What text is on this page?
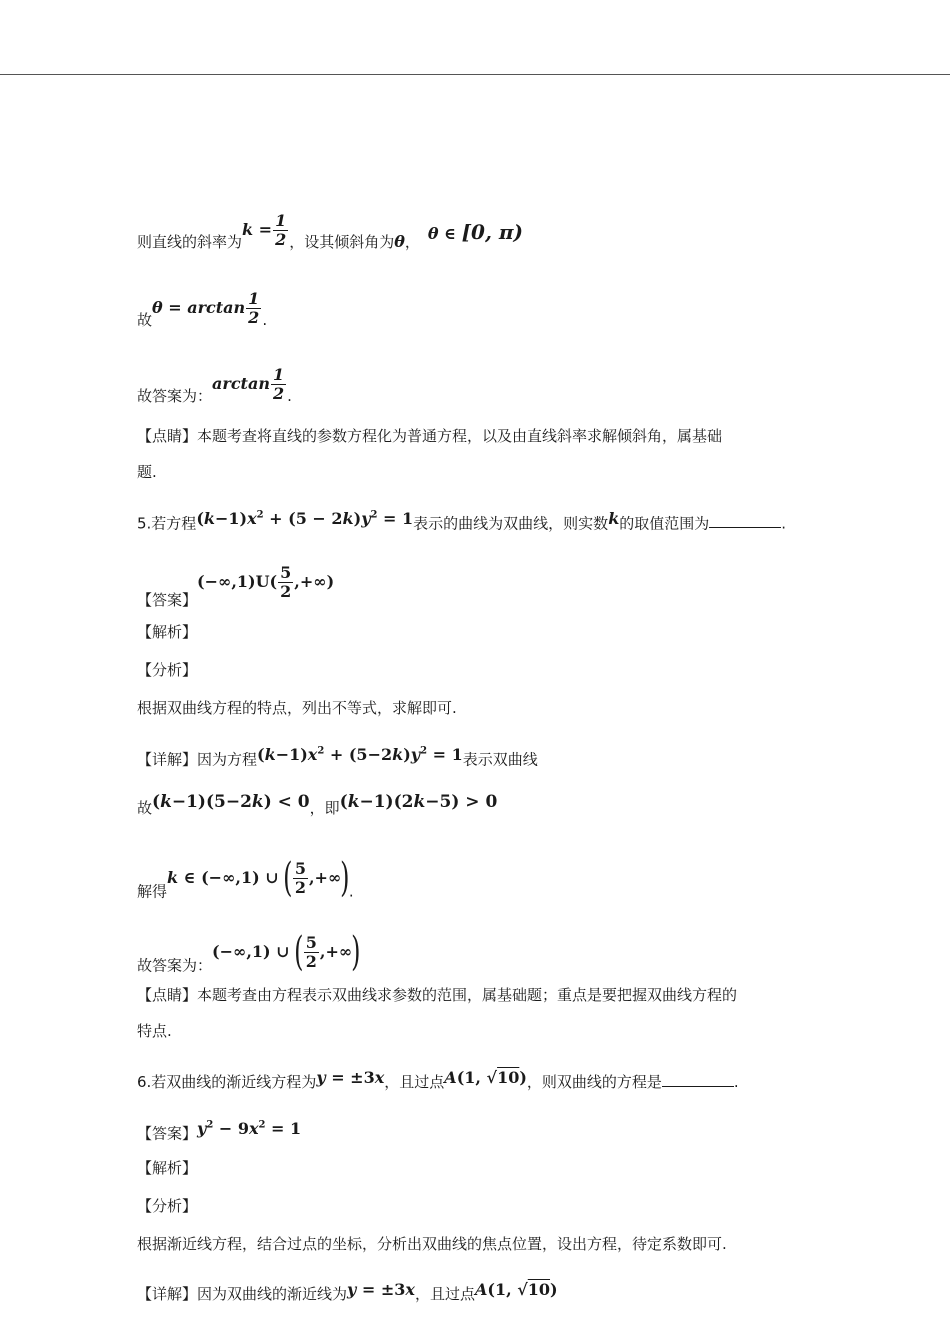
则直线的斜率为$k = \frac{1}{2}$ ，设其倾斜角为θ， θ ∈ [0, π)
故$\theta = \arctan \frac{1}{2}$ .
故答案为：$\arctan \frac{1}{2}$ .
【点睛】本题考查将直线的参数方程化为普通方程，以及由直线斜率求解倾斜角，属基础
题.
5.若方程$(k-1)x^2 + (5 - 2k)y^2 = 1$表示的曲线为双曲线，则实数k的取值范围为	.
【答案】$(-\infty,1)U( \frac{5}{2}$ ,+∞)
【解析】
【分析】
根据双曲线方程的特点，列出不等式，求解即可.
【详解】因为方程$(k-1)x^2 + (5-2k)y^2 = 1$表示双曲线
故(k−1)(5−2k) < 0，即(k−1)(2k−5) > 0
解得k ∈ (−∞,1) ∪ ( $\frac{5}{2}$ ,+∞).
故答案为：(−∞,1) ∪ ( $\frac{5}{2}$ ,+∞)
【点睛】本题考查由方程表示双曲线求参数的范围，属基础题；重点是要把握双曲线方程的
特点.
6.若双曲线的渐近线方程为y = ±3x，且过点A(1, √10)，则双曲线的方程是	.
【答案】$y^2 - 9x^2 = 1$
【解析】
【分析】
根据渐近线方程，结合过点的坐标，分析出双曲线的焦点位置，设出方程，待定系数即可.
【详解】因为双曲线的渐近线为y = ±3x，且过点A(1, √10)
